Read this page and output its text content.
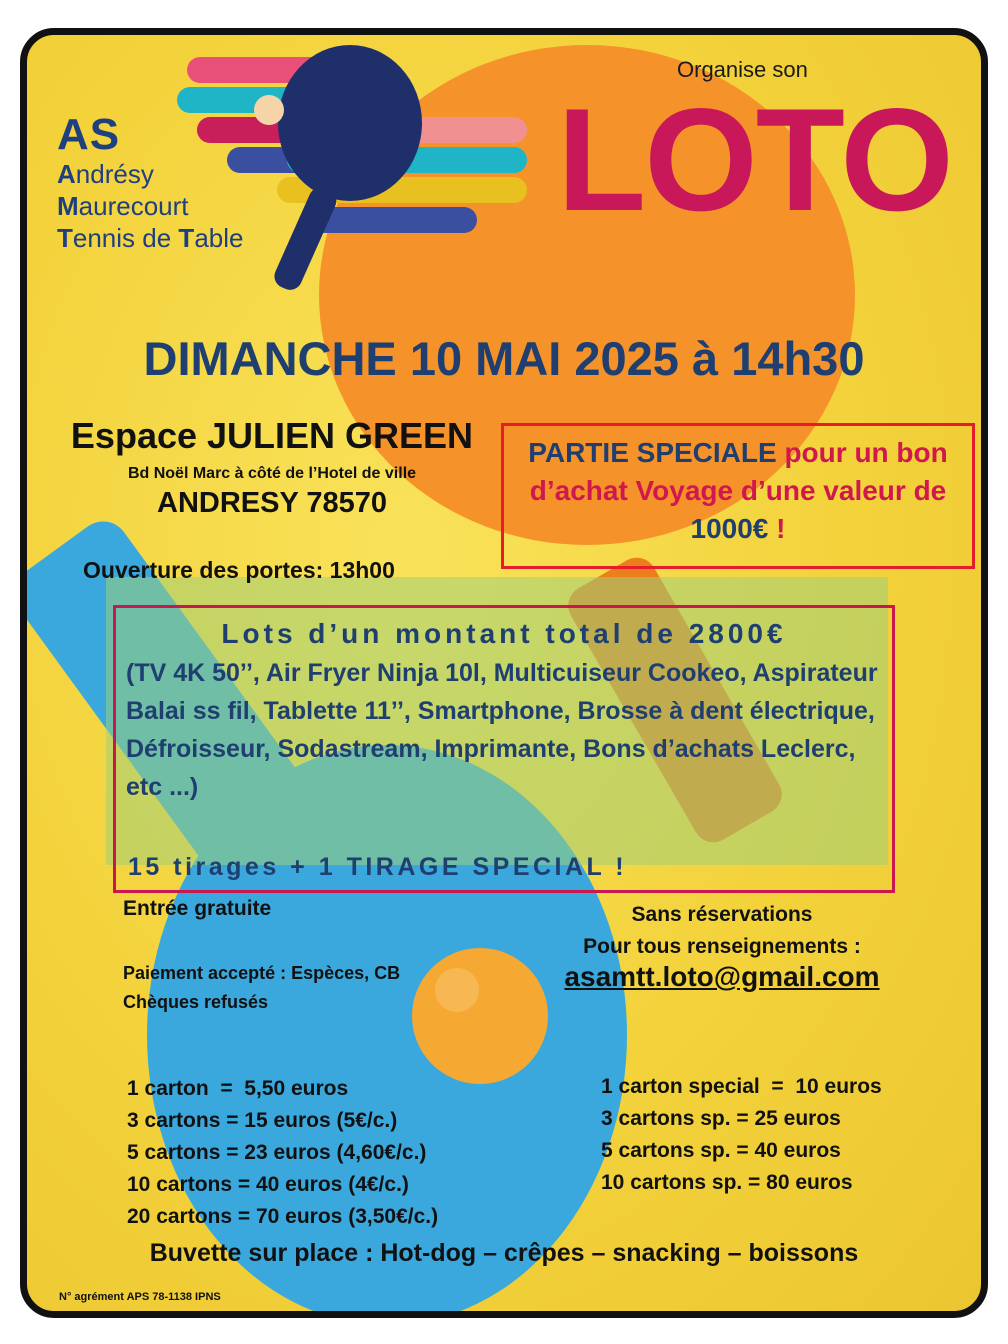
AS
Andrésy
Maurecourt
Tennis de Table
Organise son
LOTO
DIMANCHE 10 MAI 2025 à 14h30
Espace JULIEN GREEN
Bd Noël Marc à côté de l’Hotel de ville
ANDRESY 78570
PARTIE SPECIALE pour un bon d’achat Voyage d’une valeur de 1000€ !
Ouverture des portes: 13h00
Lots d’un montant total de 2800€
(TV 4K 50’’, Air Fryer Ninja 10l, Multicuiseur Cookeo, Aspirateur Balai ss fil, Tablette 11’’, Smartphone, Brosse à dent électrique, Défroisseur, Sodastream, Imprimante, Bons d’achats Leclerc, etc ...)
15 tirages + 1 TIRAGE SPECIAL !
Entrée gratuite
Paiement accepté : Espèces, CB
Chèques refusés
Sans réservations
Pour tous renseignements :
asamtt.loto@gmail.com
1 carton  =  5,50 euros
3 cartons = 15 euros (5€/c.)
5 cartons = 23 euros (4,60€/c.)
10 cartons = 40 euros (4€/c.)
20 cartons = 70 euros (3,50€/c.)
1 carton special  =  10 euros
3 cartons sp. = 25 euros
5 cartons sp. = 40 euros
10 cartons sp. = 80 euros
Buvette sur place : Hot-dog – crêpes – snacking – boissons
N° agrément APS 78-1138 IPNS
